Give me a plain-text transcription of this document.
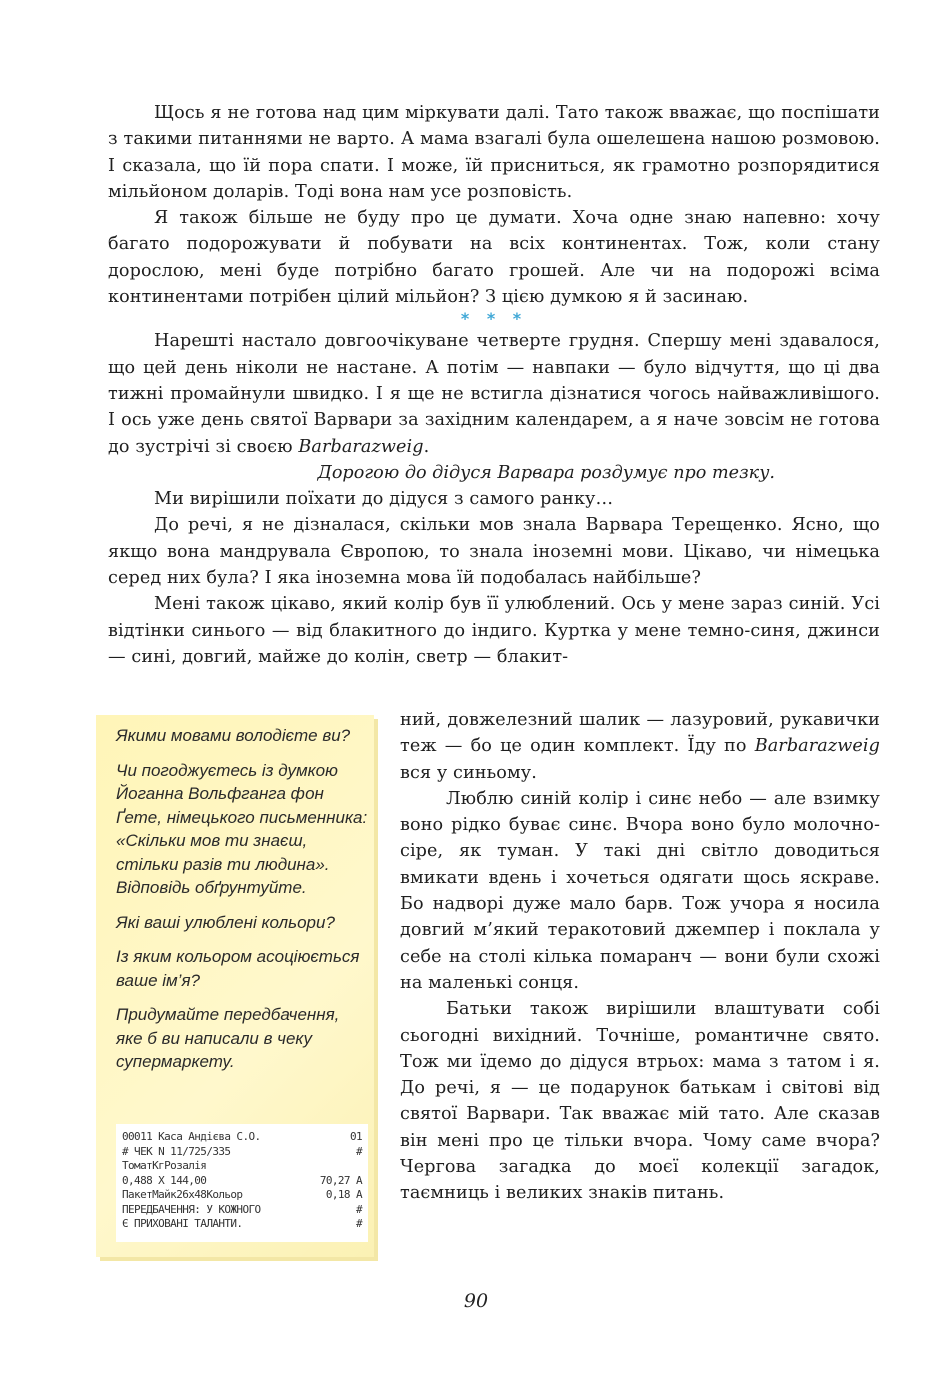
Щось я не готова над цим міркувати далі. Тато також вважає, що поспішати з такими питаннями не варто. А мама взагалі була ошелешена нашою розмовою. І сказала, що їй пора спати. І може, їй присниться, як грамотно розпорядитися мільйоном доларів. Тоді вона нам усе розповість.

Я також більше не буду про це думати. Хоча одне знаю напевно: хочу багато подорожувати й побувати на всіх континентах. Тож, коли стану дорослою, мені буде потрібно багато грошей. Але чи на подорожі всіма континентами потрібен цілий мільйон? З цією думкою я й засинаю.

* * *

Нарешті настало довгоочікуване четверте грудня. Спершу мені здавалося, що цей день ніколи не настане. А потім — навпаки — було відчуття, що ці два тижні промайнули швидко. І я ще не встигла дізнатися чогось найважливішого. І ось уже день святої Варвари за західним календарем, а я наче зовсім не готова до зустрічі зі своєю Barbarazweig.

Дорогою до дідуся Варвара роздумує про тезку.

Ми вирішили поїхати до дідуся з самого ранку…

До речі, я не дізналася, скільки мов знала Варвара Терещенко. Ясно, що якщо вона мандрувала Європою, то знала іноземні мови. Цікаво, чи німецька серед них була? І яка іноземна мова їй подобалась найбільше?

Мені також цікаво, який колір був її улюблений. Ось у мене зараз синій. Усі відтінки синього — від блакитного до індиго. Куртка у мене темно-синя, джинси — сині, довгий, майже до колін, светр — блакит-

Якими мовами володієте ви?

Чи погоджуєтесь із думкою Йоганна Вольфганга фон Ґете, німецького письменника: «Скільки мов ти знаєш, стільки разів ти людина». Відповідь обґрунтуйте.

Які ваші улюблені кольори?

Із яким кольором асоціюється ваше ім’я?

Придумайте передбачення, яке б ви написали в чеку супермаркету.

00011 Каса Андієва С.О.	01
# ЧЕК N 11/725/335	#
ТоматКгРозалія
0,488 X 144,00	70,27 А
ПакетМайк26х48Кольор	0,18 А
ПЕРЕДБАЧЕННЯ: У КОЖНОГО	#
Є ПРИХОВАНІ ТАЛАНТИ.	#

ний, довжелезний шалик — лазуровий, рукавички теж — бо це один комплект. Їду по Barbarazweig вся у синьому.

Люблю синій колір і синє небо — але взимку воно рідко буває синє. Вчора воно було молочно-сіре, як туман. У такі дні світло доводиться вмикати вдень і хочеться одягати щось яскраве. Бо надворі дуже мало барв. Тож учора я носила довгий м’який теракотовий джемпер і поклала у себе на столі кілька помаранч — вони були схожі на маленькі сонця.

Батьки також вирішили влаштувати собі сьогодні вихідний. Точніше, романтичне свято. Тож ми їдемо до дідуся втрьох: мама з татом і я. До речі, я — це подарунок батькам і світові від святої Варвари. Так вважає мій тато. Але сказав він мені про це тільки вчора. Чому саме вчора? Чергова загадка до моєї колекції загадок, таємниць і великих знаків питань.

90
